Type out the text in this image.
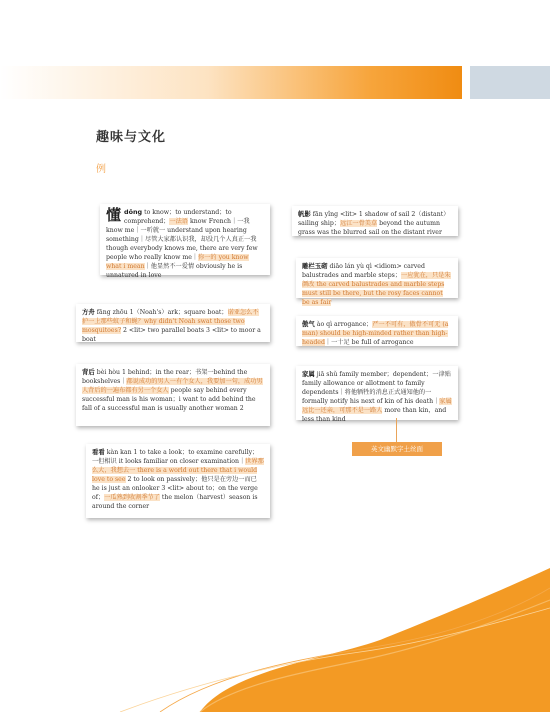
趣味与文化
例
懂 dǒng to know；to understand；to comprehend；一法语 know French｜一我 know me｜一听就一 understand upon hearing something｜尽管大家都认识我，却没几个人真正一我 though everybody knows me, there are very few people who really know me｜你一的 you know what i mean｜他显然不一爱情 obviously he is unnatured in love
方舟 fāng zhōu 1（Noah's）ark；square boat；诺亚怎么不护一上那些蚊子和蝇？why didn't Noah swat those two mosquitoes? 2 <lit> two parallel boats 3 <lit> to moor a boat
背后 bèi hòu 1 behind；in the rear；书架一behind the bookshelves｜都说成功的男人一有个女人，我要加一句，成功男人背后的一遍布都有另一个女人 people say behind every successful man is his woman；i want to add behind the fall of a successful man is usually another woman 2
看看 kàn kan 1 to take a look；to examine carefully；一但相识 it looks familiar on closer examination｜世界那么大，我想去一 there is a world out there that i would love to see 2 to look on passively；他只是在旁边一而已 he is just an onlooker 3 <lit> about to；on the verge of；一瓜熟到收割季节了 the melon（harvest）season is around the corner
帆影 fān yǐng <lit> 1 shadow of sail 2（distant）sailing ship；远江一骨美草 beyond the autumn grass was the blurred sail on the distant river
雕栏玉砌 diāo lán yù qì <idiom> carved balustrades and marble steps；一应犹在，只是朱颜改 the carved balustrades and marble steps must still be there, but the rosy faces cannot be as fair
傲气 ào qì arrogance；严一不可有，傲骨不可无 (a man) should be high-minded rather than high-headed｜一十足 be full of arrogance
家属 jiā shǔ family member；dependent；一津贴 family allowance or allotment to family dependents｜将他牺牲的消息正式通知他的一 formally notify his next of kin of his death｜家属远比一还亲，可那不是一路人 more than kin，and less than kind
英文幽默字土丝面
